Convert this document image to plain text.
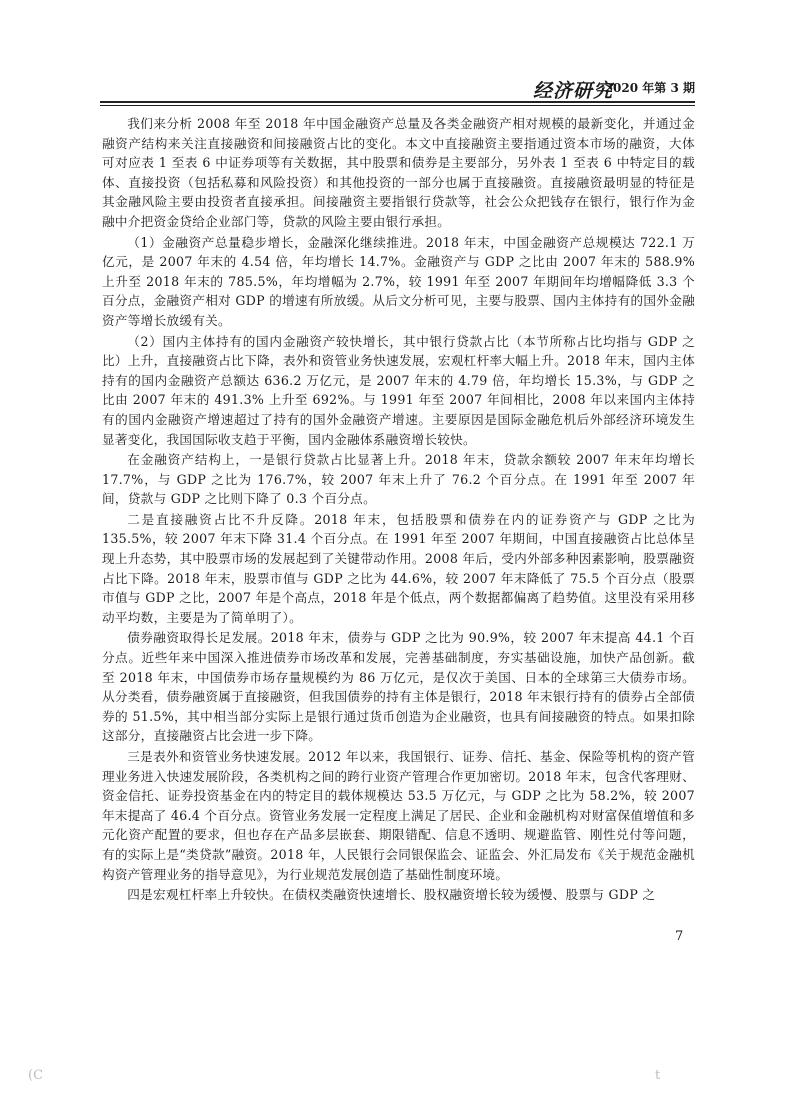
经济研究
2020 年第 3 期

我们来分析 2008 年至 2018 年中国金融资产总量及各类金融资产相对规模的最新变化，并通过金融资产结构来关注直接融资和间接融资占比的变化。本文中直接融资主要指通过资本市场的融资，大体可对应表 1 至表 6 中证券项等有关数据，其中股票和债券是主要部分，另外表 1 至表 6 中特定目的载体、直接投资（包括私募和风险投资）和其他投资的一部分也属于直接融资。直接融资最明显的特征是其金融风险主要由投资者直接承担。间接融资主要指银行贷款等，社会公众把钱存在银行，银行作为金融中介把资金贷给企业部门等，贷款的风险主要由银行承担。

（1）金融资产总量稳步增长，金融深化继续推进。2018 年末，中国金融资产总规模达 722.1 万亿元，是 2007 年末的 4.54 倍，年均增长 14.7%。金融资产与 GDP 之比由 2007 年末的 588.9% 上升至 2018 年末的 785.5%，年均增幅为 2.7%，较 1991 年至 2007 年期间年均增幅降低 3.3 个百分点，金融资产相对 GDP 的增速有所放缓。从后文分析可见，主要与股票、国内主体持有的国外金融资产等增长放缓有关。

（2）国内主体持有的国内金融资产较快增长，其中银行贷款占比（本节所称占比均指与 GDP 之比）上升，直接融资占比下降，表外和资管业务快速发展，宏观杠杆率大幅上升。2018 年末，国内主体持有的国内金融资产总额达 636.2 万亿元，是 2007 年末的 4.79 倍，年均增长 15.3%，与 GDP 之比由 2007 年末的 491.3% 上升至 692%。与 1991 年至 2007 年间相比，2008 年以来国内主体持有的国内金融资产增速超过了持有的国外金融资产增速。主要原因是国际金融危机后外部经济环境发生显著变化，我国国际收支趋于平衡，国内金融体系融资增长较快。

在金融资产结构上，一是银行贷款占比显著上升。2018 年末，贷款余额较 2007 年末年均增长 17.7%，与 GDP 之比为 176.7%，较 2007 年末上升了 76.2 个百分点。在 1991 年至 2007 年间，贷款与 GDP 之比则下降了 0.3 个百分点。

二是直接融资占比不升反降。2018 年末，包括股票和债券在内的证券资产与 GDP 之比为 135.5%，较 2007 年末下降 31.4 个百分点。在 1991 年至 2007 年期间，中国直接融资占比总体呈现上升态势，其中股票市场的发展起到了关键带动作用。2008 年后，受内外部多种因素影响，股票融资占比下降。2018 年末，股票市值与 GDP 之比为 44.6%，较 2007 年末降低了 75.5 个百分点（股票市值与 GDP 之比，2007 年是个高点，2018 年是个低点，两个数据都偏离了趋势值。这里没有采用移动平均数，主要是为了简单明了）。

债券融资取得长足发展。2018 年末，债券与 GDP 之比为 90.9%，较 2007 年末提高 44.1 个百分点。近些年来中国深入推进债券市场改革和发展，完善基础制度，夯实基础设施，加快产品创新。截至 2018 年末，中国债券市场存量规模约为 86 万亿元，是仅次于美国、日本的全球第三大债券市场。从分类看，债券融资属于直接融资，但我国债券的持有主体是银行，2018 年末银行持有的债券占全部债券的 51.5%，其中相当部分实际上是银行通过货币创造为企业融资，也具有间接融资的特点。如果扣除这部分，直接融资占比会进一步下降。

三是表外和资管业务快速发展。2012 年以来，我国银行、证券、信托、基金、保险等机构的资产管理业务进入快速发展阶段，各类机构之间的跨行业资产管理合作更加密切。2018 年末，包含代客理财、资金信托、证券投资基金在内的特定目的载体规模达 53.5 万亿元，与 GDP 之比为 58.2%，较 2007 年末提高了 46.4 个百分点。资管业务发展一定程度上满足了居民、企业和金融机构对财富保值增值和多元化资产配置的要求，但也存在产品多层嵌套、期限错配、信息不透明、规避监管、刚性兑付等问题，有的实际上是“类贷款”融资。2018 年，人民银行会同银保监会、证监会、外汇局发布《关于规范金融机构资产管理业务的指导意见》，为行业规范发展创造了基础性制度环境。

四是宏观杠杆率上升较快。在债权类融资快速增长、股权融资增长较为缓慢、股票与 GDP 之

7
(C	t
